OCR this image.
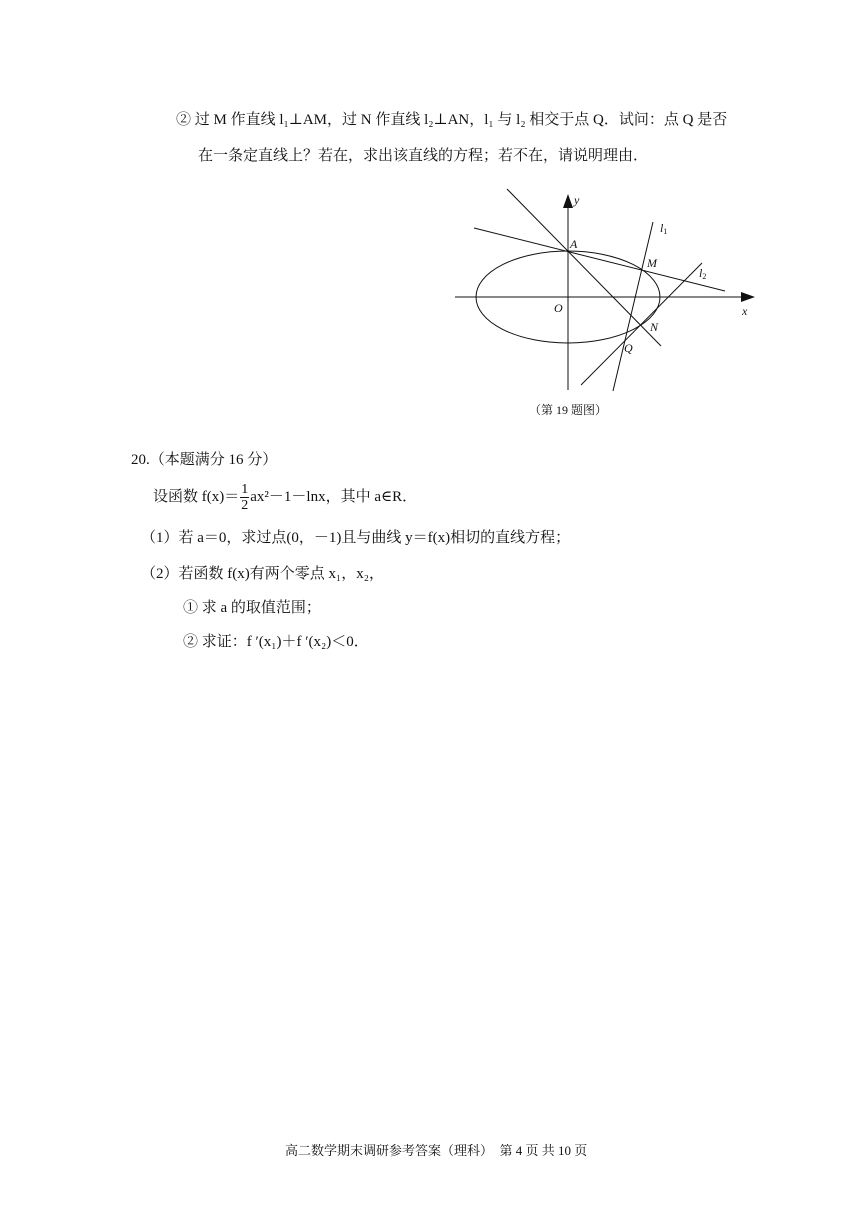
② 过 M 作直线 l₁⊥AM，过 N 作直线 l₂⊥AN，l₁ 与 l₂ 相交于点 Q．试问：点 Q 是否
在一条定直线上？若在，求出该直线的方程；若不在，请说明理由．
y
x
A
O
M
N
Q
l1
l2
（第 19 题图）
20.（本题满分 16 分）
设函数 $f(x)= \frac{1}{2} ax^2-1-\ln x$，其中 a∈R．
（1）若 a＝0，求过点(0，－1)且与曲线 y＝f(x)相切的直线方程；
（2）若函数 f(x)有两个零点 x₁，x₂，
① 求 a 的取值范围；
② 求证：f ′(x₁)＋f ′(x₂)＜0．
高二数学期末调研参考答案（理科）　第 4 页 共 10 页
